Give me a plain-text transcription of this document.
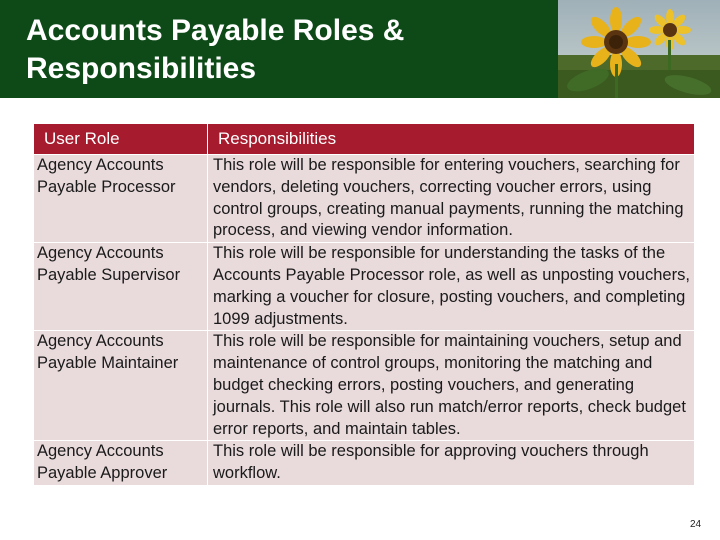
Accounts Payable Roles &
Responsibilities
User Role	Responsibilities
Agency Accounts
Payable Processor	This role will be responsible for entering vouchers, searching for vendors, deleting vouchers, correcting voucher errors, using control groups, creating manual payments, running the matching process, and viewing vendor information.
Agency Accounts
Payable Supervisor	This role will be responsible for understanding the tasks of the Accounts Payable Processor role, as well as unposting vouchers, marking a voucher for closure, posting vouchers, and completing 1099 adjustments.
Agency Accounts
Payable Maintainer	This role will be responsible for maintaining vouchers, setup and maintenance of control groups, monitoring the matching and budget checking errors, posting vouchers, and generating journals. This role will also run match/error reports, check budget error reports, and maintain tables.
Agency Accounts
Payable Approver	This role will be responsible for approving vouchers through workflow.
24
